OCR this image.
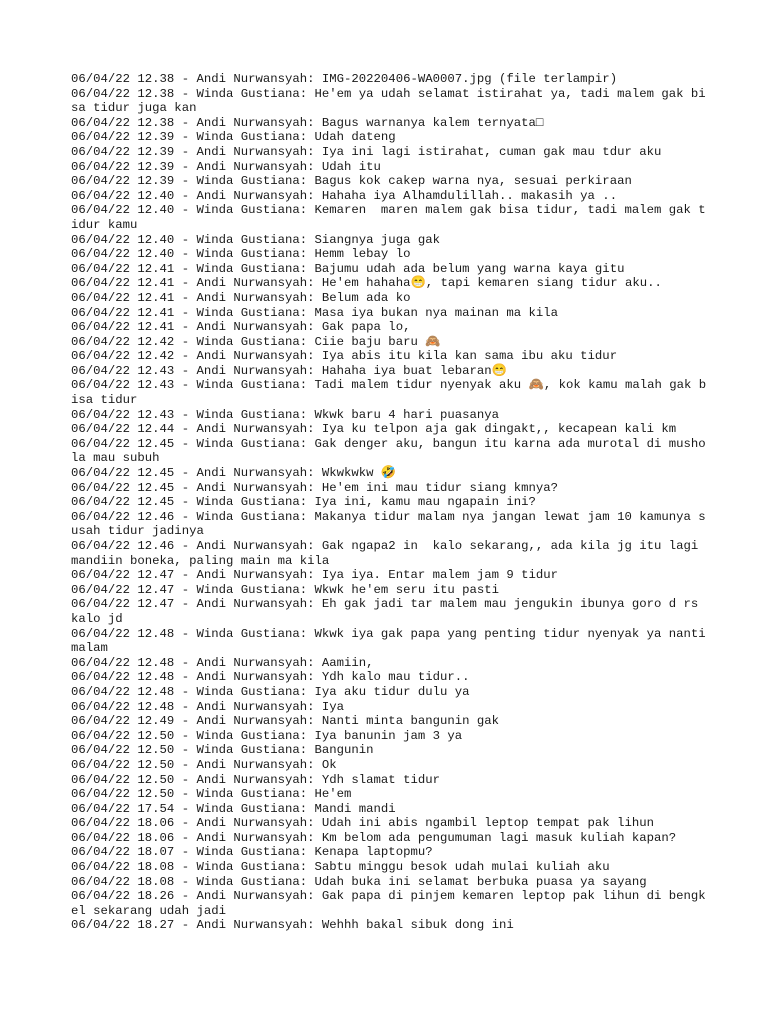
06/04/22 12.38 - Andi Nurwansyah: IMG-20220406-WA0007.jpg (file terlampir)

06/04/22 12.38 - Winda Gustiana: He'em ya udah selamat istirahat ya, tadi malem gak bisa tidur juga kan

06/04/22 12.38 - Andi Nurwansyah: Bagus warnanya kalem ternyata□

06/04/22 12.39 - Winda Gustiana: Udah dateng

06/04/22 12.39 - Andi Nurwansyah: Iya ini lagi istirahat, cuman gak mau tdur aku

06/04/22 12.39 - Andi Nurwansyah: Udah itu

06/04/22 12.39 - Winda Gustiana: Bagus kok cakep warna nya, sesuai perkiraan

06/04/22 12.40 - Andi Nurwansyah: Hahaha iya Alhamdulillah.. makasih ya ..

06/04/22 12.40 - Winda Gustiana: Kemaren  maren malem gak bisa tidur, tadi malem gak tidur kamu

06/04/22 12.40 - Winda Gustiana: Siangnya juga gak

06/04/22 12.40 - Winda Gustiana: Hemm lebay lo

06/04/22 12.41 - Winda Gustiana: Bajumu udah ada belum yang warna kaya gitu

06/04/22 12.41 - Andi Nurwansyah: He'em hahaha😁, tapi kemaren siang tidur aku..

06/04/22 12.41 - Andi Nurwansyah: Belum ada ko

06/04/22 12.41 - Winda Gustiana: Masa iya bukan nya mainan ma kila

06/04/22 12.41 - Andi Nurwansyah: Gak papa lo,

06/04/22 12.42 - Winda Gustiana: Ciie baju baru 🙈

06/04/22 12.42 - Andi Nurwansyah: Iya abis itu kila kan sama ibu aku tidur

06/04/22 12.43 - Andi Nurwansyah: Hahaha iya buat lebaran😁

06/04/22 12.43 - Winda Gustiana: Tadi malem tidur nyenyak aku 🙈, kok kamu malah gak bisa tidur

06/04/22 12.43 - Winda Gustiana: Wkwk baru 4 hari puasanya

06/04/22 12.44 - Andi Nurwansyah: Iya ku telpon aja gak dingakt,, kecapean kali km

06/04/22 12.45 - Winda Gustiana: Gak denger aku, bangun itu karna ada murotal di mushola mau subuh

06/04/22 12.45 - Andi Nurwansyah: Wkwkwkw 🤣

06/04/22 12.45 - Andi Nurwansyah: He'em ini mau tidur siang kmnya?

06/04/22 12.45 - Winda Gustiana: Iya ini, kamu mau ngapain ini?

06/04/22 12.46 - Winda Gustiana: Makanya tidur malam nya jangan lewat jam 10 kamunya susah tidur jadinya

06/04/22 12.46 - Andi Nurwansyah: Gak ngapa2 in  kalo sekarang,, ada kila jg itu lagi mandiin boneka, paling main ma kila

06/04/22 12.47 - Andi Nurwansyah: Iya iya. Entar malem jam 9 tidur

06/04/22 12.47 - Winda Gustiana: Wkwk he'em seru itu pasti

06/04/22 12.47 - Andi Nurwansyah: Eh gak jadi tar malem mau jengukin ibunya goro d rs kalo jd

06/04/22 12.48 - Winda Gustiana: Wkwk iya gak papa yang penting tidur nyenyak ya nanti malam

06/04/22 12.48 - Andi Nurwansyah: Aamiin,

06/04/22 12.48 - Andi Nurwansyah: Ydh kalo mau tidur..

06/04/22 12.48 - Winda Gustiana: Iya aku tidur dulu ya

06/04/22 12.48 - Andi Nurwansyah: Iya

06/04/22 12.49 - Andi Nurwansyah: Nanti minta bangunin gak

06/04/22 12.50 - Winda Gustiana: Iya banunin jam 3 ya

06/04/22 12.50 - Winda Gustiana: Bangunin

06/04/22 12.50 - Andi Nurwansyah: Ok

06/04/22 12.50 - Andi Nurwansyah: Ydh slamat tidur

06/04/22 12.50 - Winda Gustiana: He'em

06/04/22 17.54 - Winda Gustiana: Mandi mandi

06/04/22 18.06 - Andi Nurwansyah: Udah ini abis ngambil leptop tempat pak lihun

06/04/22 18.06 - Andi Nurwansyah: Km belom ada pengumuman lagi masuk kuliah kapan?

06/04/22 18.07 - Winda Gustiana: Kenapa laptopmu?

06/04/22 18.08 - Winda Gustiana: Sabtu minggu besok udah mulai kuliah aku

06/04/22 18.08 - Winda Gustiana: Udah buka ini selamat berbuka puasa ya sayang

06/04/22 18.26 - Andi Nurwansyah: Gak papa di pinjem kemaren leptop pak lihun di bengkel sekarang udah jadi

06/04/22 18.27 - Andi Nurwansyah: Wehhh bakal sibuk dong ini
